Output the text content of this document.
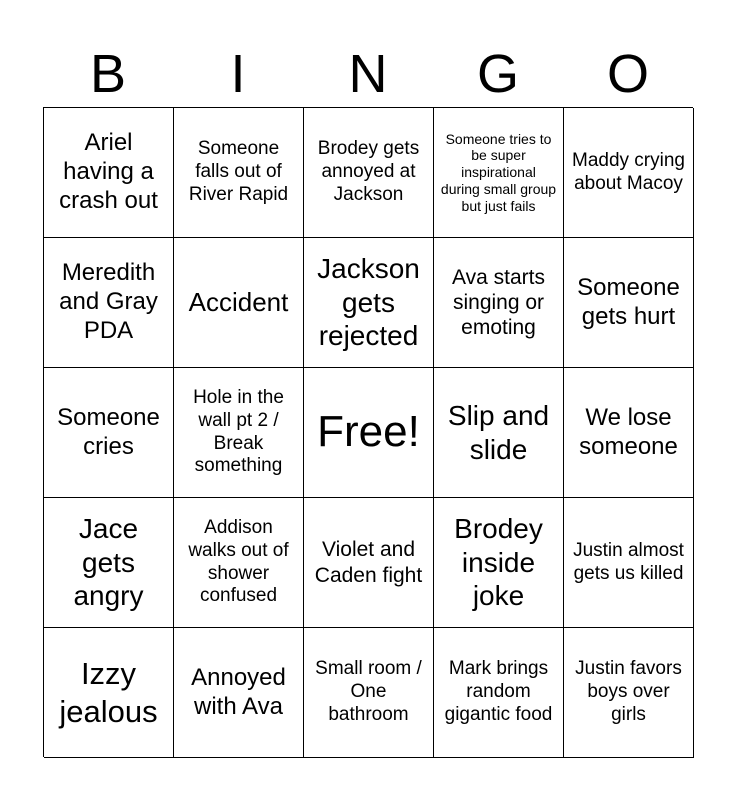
B	I	N	G	O
Ariel having a crash out
Someone falls out of River Rapid
Brodey gets annoyed at Jackson
Someone tries to be super inspirational during small group but just fails
Maddy crying about Macoy
Meredith and Gray PDA
Accident
Jackson gets rejected
Ava starts singing or emoting
Someone gets hurt
Someone cries
Hole in the wall pt 2 / Break something
Free!	Slip and slide
We lose someone
Jace gets angry
Addison walks out of shower confused
Violet and Caden fight
Brodey inside joke
Justin almost gets us killed
Izzy jealous
Annoyed with Ava
Small room / One bathroom
Mark brings random gigantic food
Justin favors boys over girls
